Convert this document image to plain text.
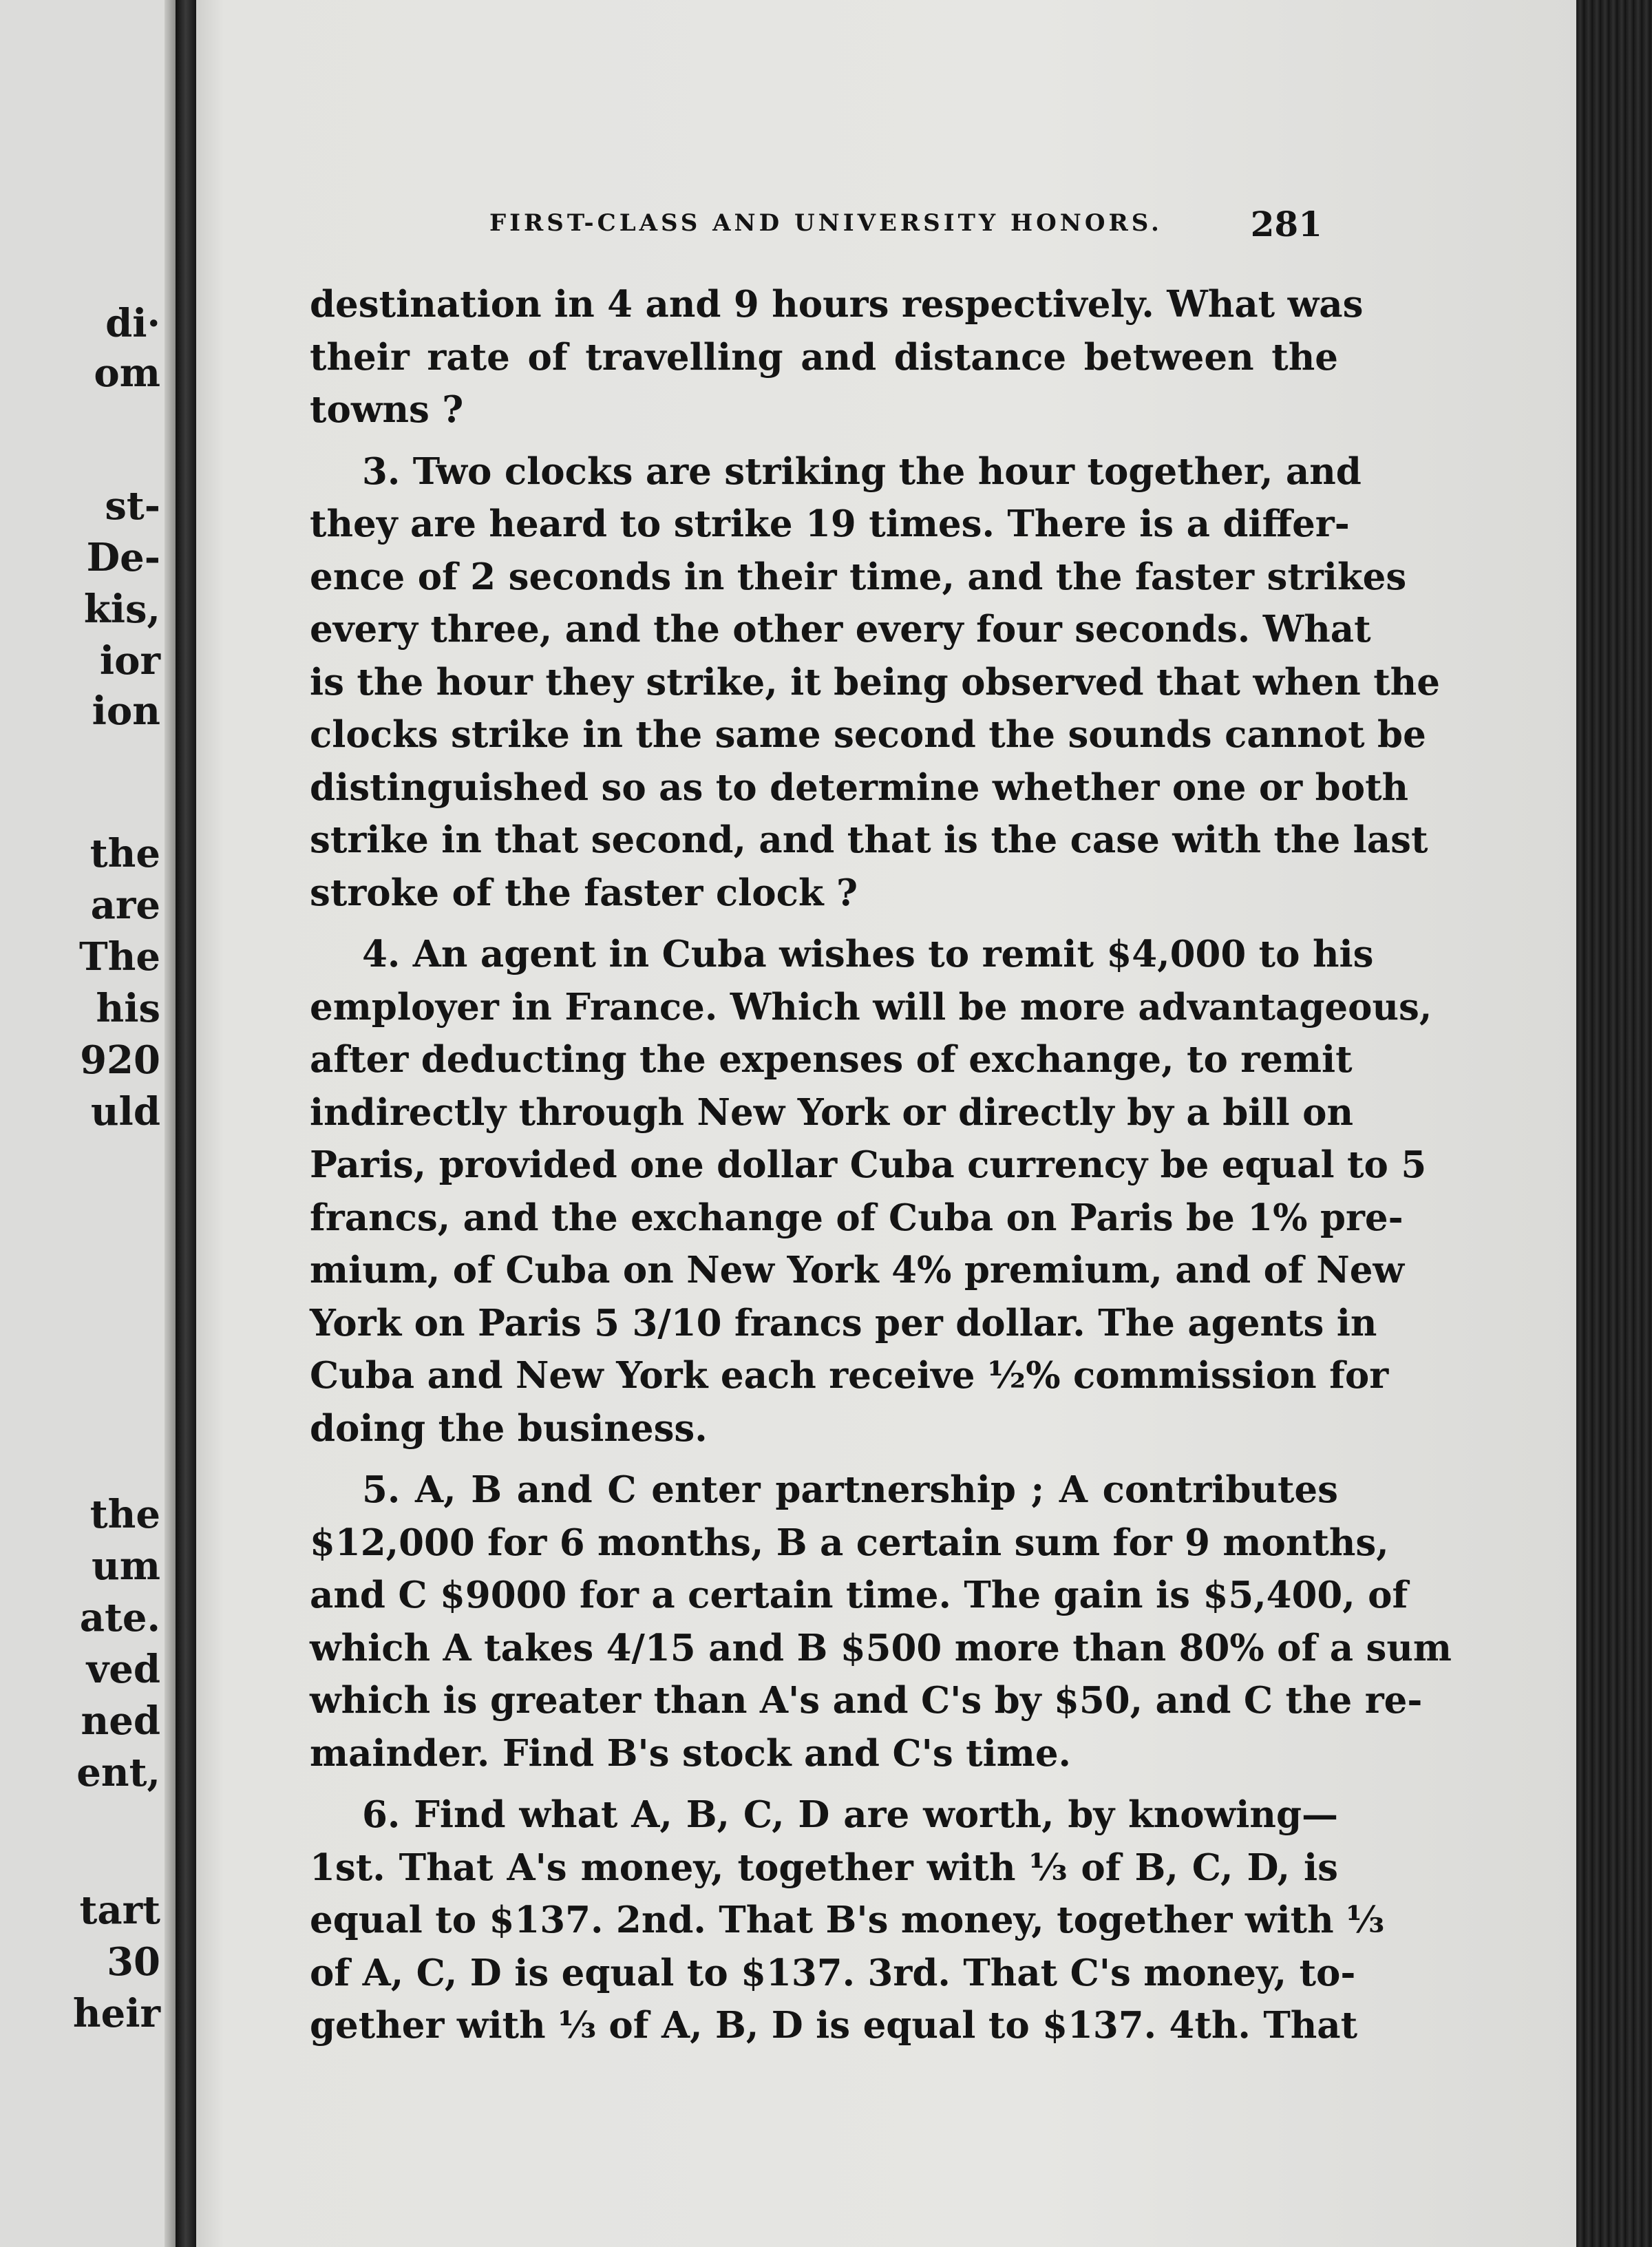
di·
om
st-
De-
kis,
ior
ion
the
are
The
his
920
uld
the
um
ate.
ved
ned
ent,
tart
30
heir
FIRST-CLASS AND UNIVERSITY HONORS.	281
destination in 4 and 9 hours respectively. What was
their rate of travelling and distance between the
towns ?
3. Two clocks are striking the hour together, and
they are heard to strike 19 times. There is a differ-
ence of 2 seconds in their time, and the faster strikes
every three, and the other every four seconds. What
is the hour they strike, it being observed that when the
clocks strike in the same second the sounds cannot be
distinguished so as to determine whether one or both
strike in that second, and that is the case with the last
stroke of the faster clock ?
4. An agent in Cuba wishes to remit $4,000 to his
employer in France. Which will be more advantageous,
after deducting the expenses of exchange, to remit
indirectly through New York or directly by a bill on
Paris, provided one dollar Cuba currency be equal to 5
francs, and the exchange of Cuba on Paris be 1% pre-
mium, of Cuba on New York 4% premium, and of New
York on Paris 5 3/10 francs per dollar. The agents in
Cuba and New York each receive ½% commission for
doing the business.
5. A, B and C enter partnership ; A contributes
$12,000 for 6 months, B a certain sum for 9 months,
and C $9000 for a certain time. The gain is $5,400, of
which A takes 4/15 and B $500 more than 80% of a sum
which is greater than A's and C's by $50, and C the re-
mainder. Find B's stock and C's time.
6. Find what A, B, C, D are worth, by knowing—
1st. That A's money, together with ⅓ of B, C, D, is
equal to $137. 2nd. That B's money, together with ⅓
of A, C, D is equal to $137. 3rd. That C's money, to-
gether with ⅓ of A, B, D is equal to $137. 4th. That
